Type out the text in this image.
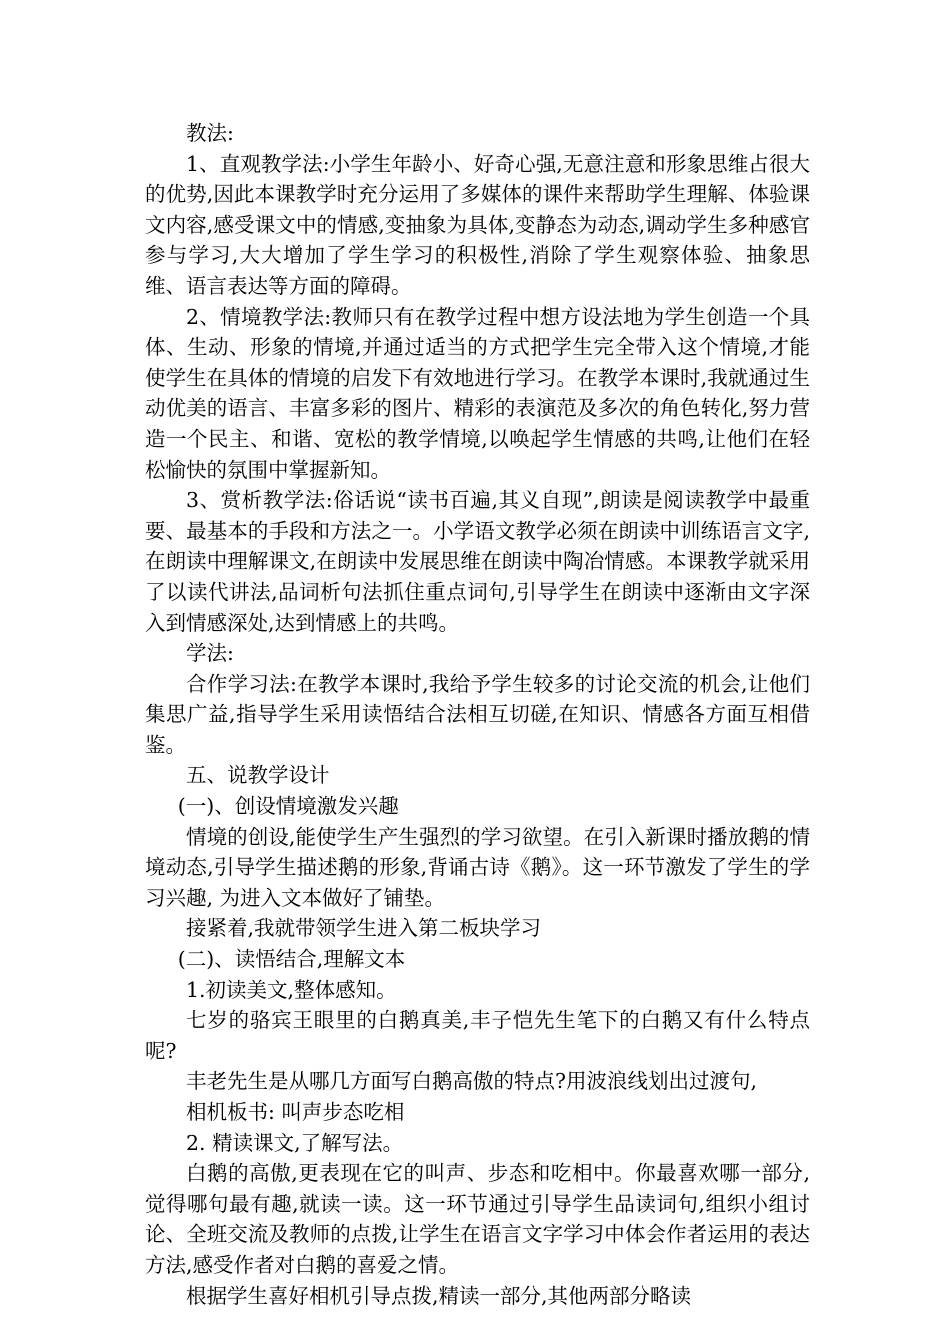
教法:

1、直观教学法:小学生年龄小、好奇心强,无意注意和形象思维占很大的优势,因此本课教学时充分运用了多媒体的课件来帮助学生理解、体验课文内容,感受课文中的情感,变抽象为具体,变静态为动态,调动学生多种感官参与学习,大大增加了学生学习的积极性,消除了学生观察体验、抽象思维、语言表达等方面的障碍。

2、情境教学法:教师只有在教学过程中想方设法地为学生创造一个具体、生动、形象的情境,并通过适当的方式把学生完全带入这个情境,才能使学生在具体的情境的启发下有效地进行学习。在教学本课时,我就通过生动优美的语言、丰富多彩的图片、精彩的表演范及多次的角色转化,努力营造一个民主、和谐、宽松的教学情境,以唤起学生情感的共鸣,让他们在轻松愉快的氛围中掌握新知。

3、赏析教学法:俗话说“读书百遍,其义自现”,朗读是阅读教学中最重要、最基本的手段和方法之一。小学语文教学必须在朗读中训练语言文字,在朗读中理解课文,在朗读中发展思维在朗读中陶冶情感。本课教学就采用了以读代讲法,品词析句法抓住重点词句,引导学生在朗读中逐渐由文字深入到情感深处,达到情感上的共鸣。

学法:

合作学习法:在教学本课时,我给予学生较多的讨论交流的机会,让他们集思广益,指导学生采用读悟结合法相互切磋,在知识、情感各方面互相借鉴。

五、说教学设计

(一)、创设情境激发兴趣

情境的创设,能使学生产生强烈的学习欲望。在引入新课时播放鹅的情境动态,引导学生描述鹅的形象,背诵古诗《鹅》。这一环节激发了学生的学习兴趣, 为进入文本做好了铺垫。

接紧着,我就带领学生进入第二板块学习

(二)、读悟结合,理解文本

1.初读美文,整体感知。

七岁的骆宾王眼里的白鹅真美,丰子恺先生笔下的白鹅又有什么特点呢?

丰老先生是从哪几方面写白鹅高傲的特点?用波浪线划出过渡句,

相机板书: 叫声步态吃相

2. 精读课文,了解写法。

白鹅的高傲,更表现在它的叫声、步态和吃相中。你最喜欢哪一部分,觉得哪句最有趣,就读一读。这一环节通过引导学生品读词句,组织小组讨论、全班交流及教师的点拨,让学生在语言文字学习中体会作者运用的表达方法,感受作者对白鹅的喜爱之情。

根据学生喜好相机引导点拨,精读一部分,其他两部分略读
